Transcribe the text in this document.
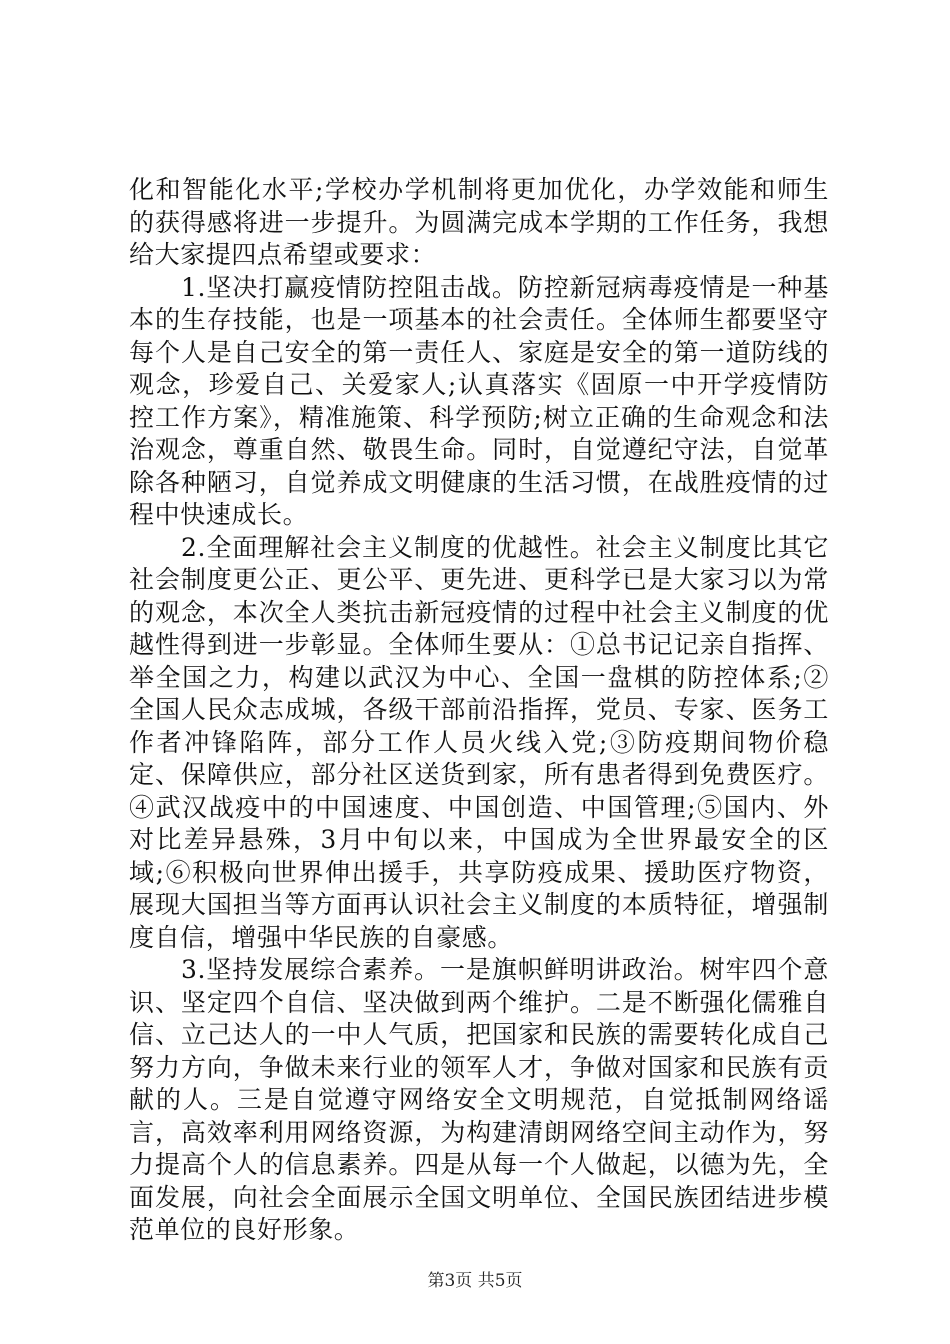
化和智能化水平;学校办学机制将更加优化，办学效能和师生的获得感将进一步提升。为圆满完成本学期的工作任务，我想给大家提四点希望或要求：

1.坚决打赢疫情防控阻击战。防控新冠病毒疫情是一种基本的生存技能，也是一项基本的社会责任。全体师生都要坚守每个人是自己安全的第一责任人、家庭是安全的第一道防线的观念，珍爱自己、关爱家人;认真落实《固原一中开学疫情防控工作方案》，精准施策、科学预防;树立正确的生命观念和法治观念，尊重自然、敬畏生命。同时，自觉遵纪守法，自觉革除各种陋习，自觉养成文明健康的生活习惯，在战胜疫情的过程中快速成长。

2.全面理解社会主义制度的优越性。社会主义制度比其它社会制度更公正、更公平、更先进、更科学已是大家习以为常的观念，本次全人类抗击新冠疫情的过程中社会主义制度的优越性得到进一步彰显。全体师生要从：①总书记记亲自指挥、举全国之力，构建以武汉为中心、全国一盘棋的防控体系;②全国人民众志成城，各级干部前沿指挥，党员、专家、医务工作者冲锋陷阵，部分工作人员火线入党;③防疫期间物价稳定、保障供应，部分社区送货到家，所有患者得到免费医疗。④武汉战疫中的中国速度、中国创造、中国管理;⑤国内、外对比差异悬殊，3月中旬以来，中国成为全世界最安全的区域;⑥积极向世界伸出援手，共享防疫成果、援助医疗物资，展现大国担当等方面再认识社会主义制度的本质特征，增强制度自信，增强中华民族的自豪感。

3.坚持发展综合素养。一是旗帜鲜明讲政治。树牢四个意识、坚定四个自信、坚决做到两个维护。二是不断强化儒雅自信、立己达人的一中人气质，把国家和民族的需要转化成自己努力方向，争做未来行业的领军人才，争做对国家和民族有贡献的人。三是自觉遵守网络安全文明规范，自觉抵制网络谣言，高效率利用网络资源，为构建清朗网络空间主动作为，努力提高个人的信息素养。四是从每一个人做起，以德为先，全面发展，向社会全面展示全国文明单位、全国民族团结进步模范单位的良好形象。

第3页 共5页
